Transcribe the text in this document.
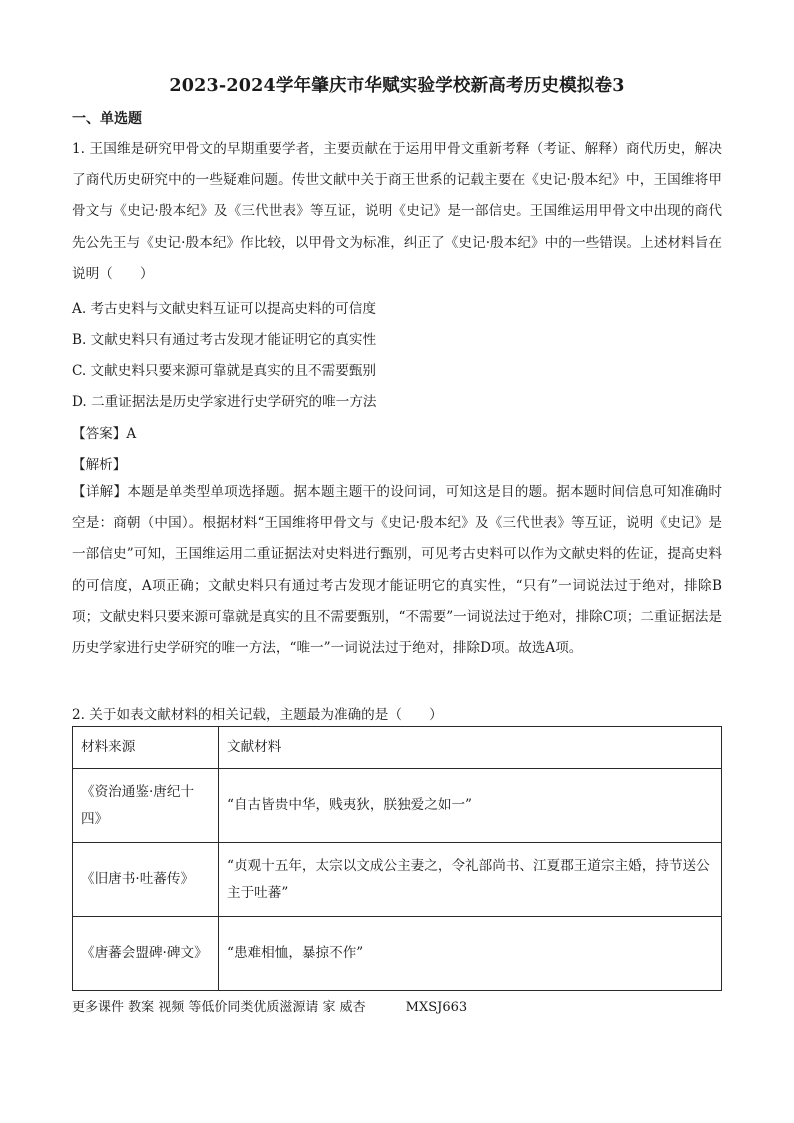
2023-2024学年肇庆市华赋实验学校新高考历史模拟卷3
一、单选题

1. 王国维是研究甲骨文的早期重要学者，主要贡献在于运用甲骨文重新考释（考证、解释）商代历史，解决了商代历史研究中的一些疑难问题。传世文献中关于商王世系的记载主要在《史记·殷本纪》中，王国维将甲骨文与《史记·殷本纪》及《三代世表》等互证，说明《史记》是一部信史。王国维运用甲骨文中出现的商代先公先王与《史记·殷本纪》作比较，以甲骨文为标准，纠正了《史记·殷本纪》中的一些错误。上述材料旨在说明（　　）

A. 考古史料与文献史料互证可以提高史料的可信度
B. 文献史料只有通过考古发现才能证明它的真实性
C. 文献史料只要来源可靠就是真实的且不需要甄别
D. 二重证据法是历史学家进行史学研究的唯一方法
【答案】A
【解析】

【详解】本题是单类型单项选择题。据本题主题干的设问词，可知这是目的题。据本题时间信息可知准确时空是：商朝（中国）。根据材料“王国维将甲骨文与《史记·殷本纪》及《三代世表》等互证，说明《史记》是一部信史”可知，王国维运用二重证据法对史料进行甄别，可见考古史料可以作为文献史料的佐证，提高史料的可信度，A项正确；文献史料只有通过考古发现才能证明它的真实性，“只有”一词说法过于绝对，排除B项；文献史料只要来源可靠就是真实的且不需要甄别，“不需要”一词说法过于绝对，排除C项；二重证据法是历史学家进行史学研究的唯一方法，“唯一”一词说法过于绝对，排除D项。故选A项。

2. 关于如表文献材料的相关记载，主题最为准确的是（　　）
材料来源	文献材料
《资治通鉴·唐纪十四》	“自古皆贵中华，贱夷狄，朕独爱之如一”
《旧唐书·吐蕃传》	“贞观十五年，太宗以文成公主妻之，令礼部尚书、江夏郡王道宗主婚，持节送公主于吐蕃”
《唐蕃会盟碑·碑文》	“患难相恤，暴掠不作”
更多课件 教案 视频 等低价同类优质滋源请 家 威杏	MXSJ663
